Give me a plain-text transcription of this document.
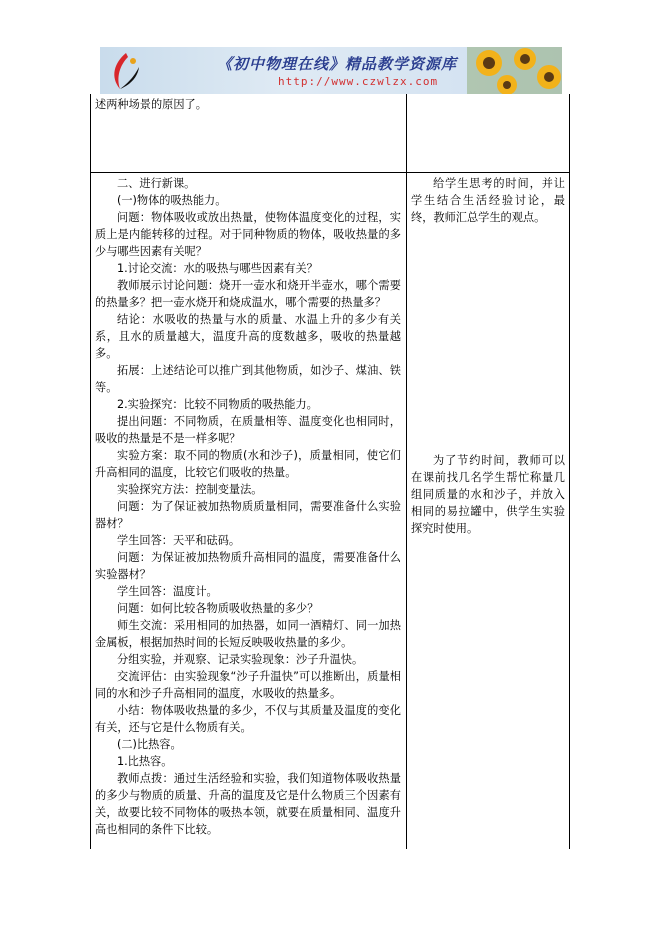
《初中物理在线》精品教学资源库
http://www.czwlzx.com
述两种场景的原因了。

二、进行新课。

(一)物体的吸热能力。

问题：物体吸收或放出热量，使物体温度变化的过程，实质上是内能转移的过程。对于同种物质的物体，吸收热量的多少与哪些因素有关呢？

1.讨论交流：水的吸热与哪些因素有关？

教师展示讨论问题：烧开一壶水和烧开半壶水，哪个需要的热量多？把一壶水烧开和烧成温水，哪个需要的热量多？

结论：水吸收的热量与水的质量、水温上升的多少有关系，且水的质量越大，温度升高的度数越多，吸收的热量越多。

拓展：上述结论可以推广到其他物质，如沙子、煤油、铁等。

2.实验探究：比较不同物质的吸热能力。

提出问题：不同物质，在质量相等、温度变化也相同时，吸收的热量是不是一样多呢？

实验方案：取不同的物质(水和沙子)，质量相同，使它们升高相同的温度，比较它们吸收的热量。

实验探究方法：控制变量法。

问题：为了保证被加热物质质量相同，需要准备什么实验器材？

学生回答：天平和砝码。

问题：为保证被加热物质升高相同的温度，需要准备什么实验器材？

学生回答：温度计。

问题：如何比较各物质吸收热量的多少？

师生交流：采用相同的加热器，如同一酒精灯、同一加热金属板，根据加热时间的长短反映吸收热量的多少。

分组实验，并观察、记录实验现象：沙子升温快。

交流评估：由实验现象“沙子升温快”可以推断出，质量相同的水和沙子升高相同的温度，水吸收的热量多。

小结：物体吸收热量的多少，不仅与其质量及温度的变化有关，还与它是什么物质有关。

(二)比热容。

1.比热容。

教师点拨：通过生活经验和实验，我们知道物体吸收热量的多少与物质的质量、升高的温度及它是什么物质三个因素有关，故要比较不同物体的吸热本领，就要在质量相同、温度升高也相同的条件下比较。

给学生思考的时间，并让学生结合生活经验讨论，最终，教师汇总学生的观点。
为了节约时间，教师可以在课前找几名学生帮忙称量几组同质量的水和沙子，并放入相同的易拉罐中，供学生实验探究时使用。
